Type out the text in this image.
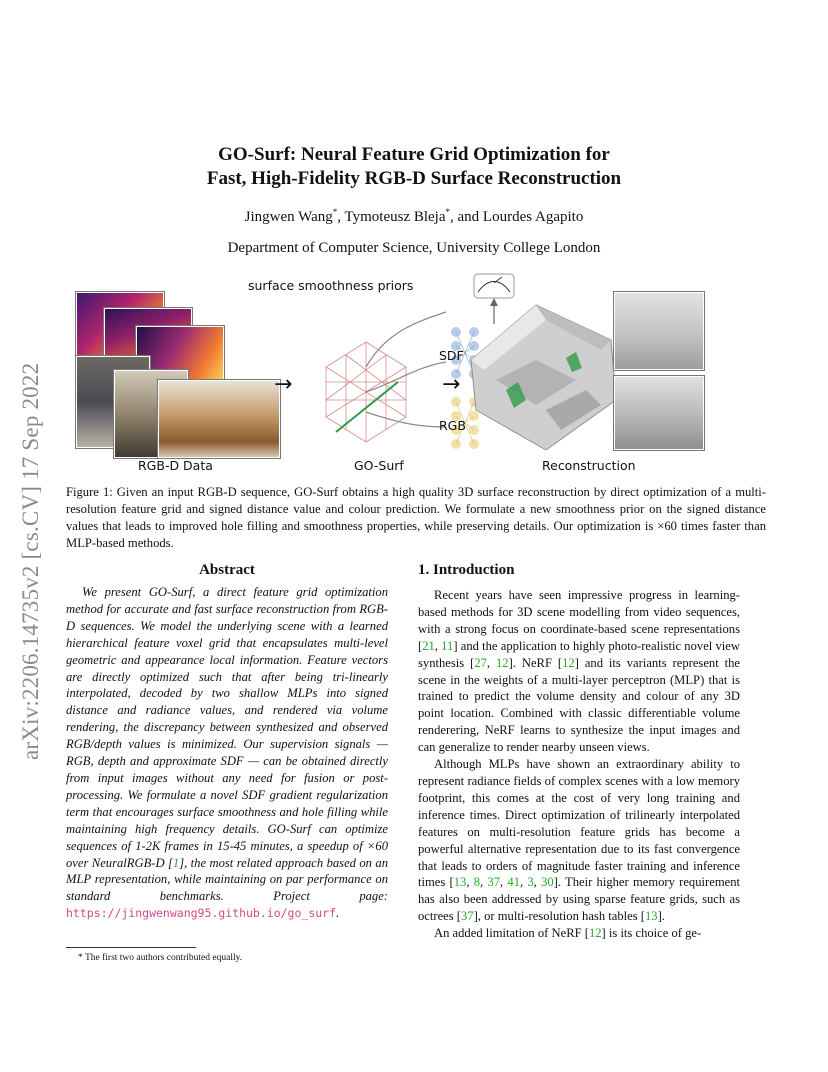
arXiv:2206.14735v2 [cs.CV] 17 Sep 2022
GO-Surf: Neural Feature Grid Optimization for
Fast, High-Fidelity RGB-D Surface Reconstruction
Jingwen Wang*, Tymoteusz Bleja*, and Lourdes Agapito
Department of Computer Science, University College London
RGB-D Data
→
surface smoothness priors
SDF
RGB
GO-Surf
→
Reconstruction
Figure 1: Given an input RGB-D sequence, GO-Surf obtains a high quality 3D surface reconstruction by direct optimization of a multi-resolution feature grid and signed distance value and colour prediction. We formulate a new smoothness prior on the signed distance values that leads to improved hole filling and smoothness properties, while preserving details. Our optimization is ×60 times faster than MLP-based methods.
Abstract

We present GO-Surf, a direct feature grid optimization method for accurate and fast surface reconstruction from RGB-D sequences. We model the underlying scene with a learned hierarchical feature voxel grid that encapsulates multi-level geometric and appearance local information. Feature vectors are directly optimized such that after being tri-linearly interpolated, decoded by two shallow MLPs into signed distance and radiance values, and rendered via volume rendering, the discrepancy between synthesized and observed RGB/depth values is minimized. Our supervision signals — RGB, depth and approximate SDF — can be obtained directly from input images without any need for fusion or post-processing. We formulate a novel SDF gradient regularization term that encourages surface smoothness and hole filling while maintaining high frequency details. GO-Surf can optimize sequences of 1-2K frames in 15-45 minutes, a speedup of ×60 over NeuralRGB-D [1], the most related approach based on an MLP representation, while maintaining on par performance on standard benchmarks. Project page: https://jingwenwang95.github.io/go_surf.

* The first two authors contributed equally.
1. Introduction

Recent years have seen impressive progress in learning-based methods for 3D scene modelling from video sequences, with a strong focus on coordinate-based scene representations [21, 11] and the application to highly photo-realistic novel view synthesis [27, 12]. NeRF [12] and its variants represent the scene in the weights of a multi-layer perceptron (MLP) that is trained to predict the volume density and colour of any 3D point location. Combined with classic differentiable volume renderering, NeRF learns to synthesize the input images and can generalize to render nearby unseen views.

Although MLPs have shown an extraordinary ability to represent radiance fields of complex scenes with a low memory footprint, this comes at the cost of very long training and inference times. Direct optimization of trilinearly interpolated features on multi-resolution feature grids has become a powerful alternative representation due to its fast convergence that leads to orders of magnitude faster training and inference times [13, 8, 37, 41, 3, 30]. Their higher memory requirement has also been addressed by using sparse feature grids, such as octrees [37], or multi-resolution hash tables [13].

An added limitation of NeRF [12] is its choice of ge-
